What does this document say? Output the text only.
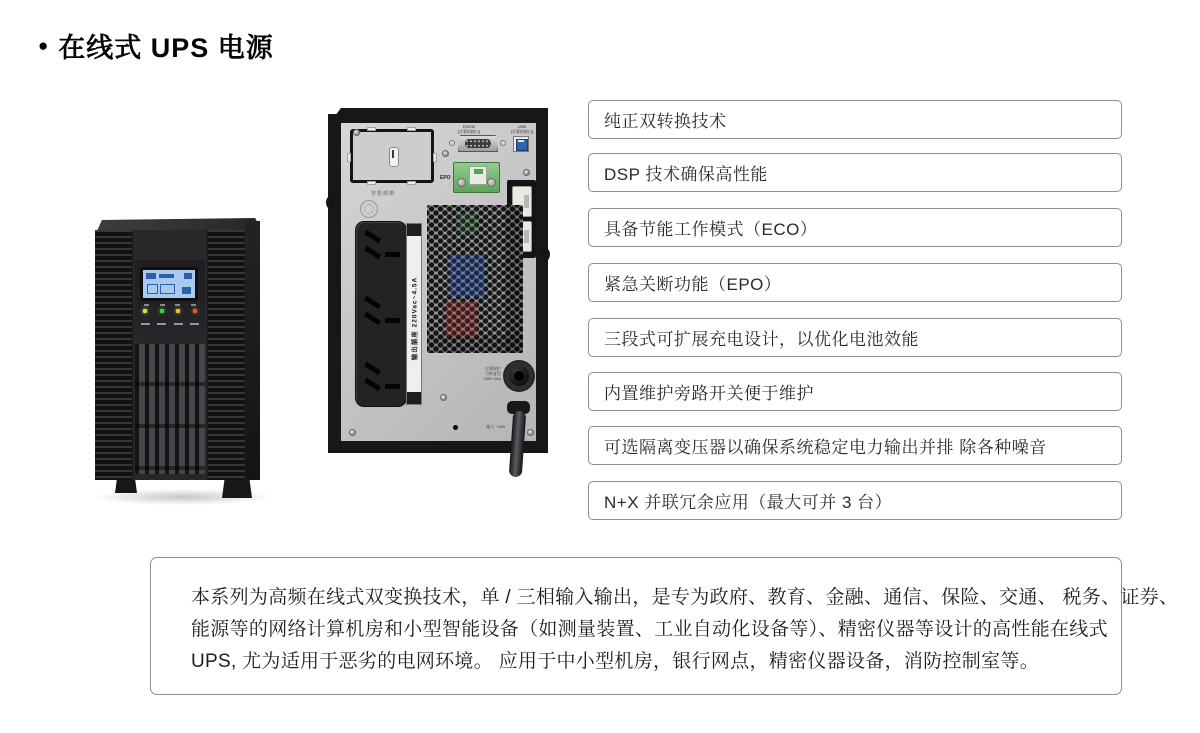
● 在线式 UPS 电源
智能插槽
RS232
(计算机接口)
USB
(计算机接口)
EPO
输出插座 220Vac~4.5A
过载保护
可恢复型
250V 10A
输入 ~10A
纯正双转换技术
DSP 技术确保高性能
具备节能工作模式（ECO）
紧急关断功能（EPO）
三段式可扩展充电设计，以优化电池效能
内置维护旁路开关便于维护
可选隔离变压器以确保系统稳定电力输出并排 除各种噪音
N+X 并联冗余应用（最大可并 3 台）
本系列为高频在线式双变换技术，单 / 三相输入输出，是专为政府、教育、金融、通信、保险、交通、 税务、证券、
能源等的网络计算机房和小型智能设备（如测量装置、工业自动化设备等）、精密仪器等设计的高性能在线式
UPS, 尤为适用于恶劣的电网环境。 应用于中小型机房，银行网点，精密仪器设备，消防控制室等。
